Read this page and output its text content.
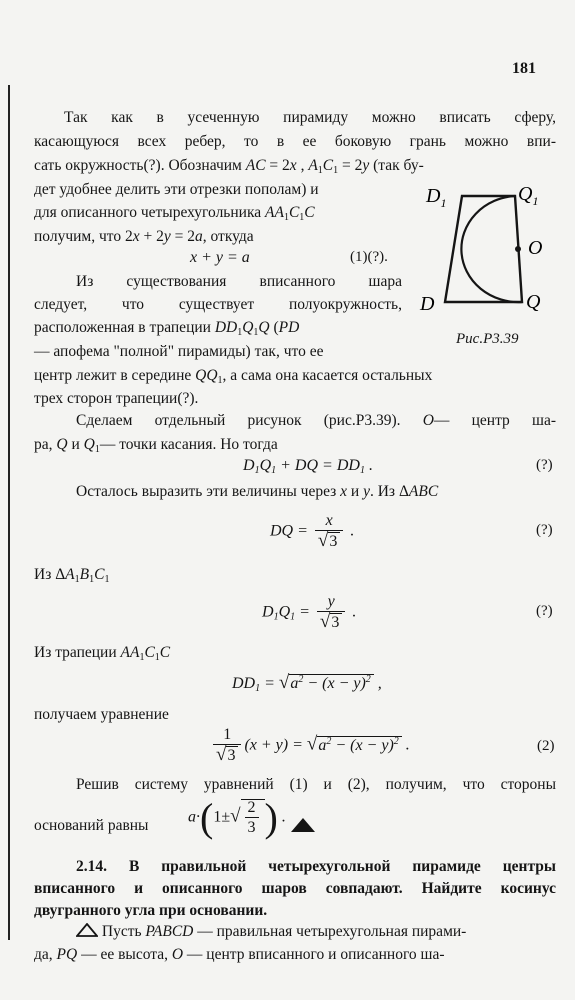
181
Так как в усеченную пирамиду можно вписать сферу,
касающуюся всех ребер, то в ее боковую грань можно впи-
сать окружность(?). Обозначим AC = 2x , $A_1C_1 = 2y$ (так бу-
дет удобнее делить эти отрезки пополам) и
для описанного четырехугольника $AA_1C_1C$
получим, что 2x + 2y = 2a, откуда
x + y = a	(1)(?).
Из существования вписанного шара
следует, что существует полуокружность,
расположенная в трапеции $DD_1Q_1Q$ (PD
— апофема "полной" пирамиды) так, что ее
центр лежит в середине $QQ_1$, а сама она касается остальных
трех сторон трапеции(?).
$D_1$	$Q_1$
O
D	Q
Рис.Р3.39
Сделаем отдельный рисунок (рис.Р3.39). O— центр ша-
ра, Q и $Q_1—$ точки касания. Но тогда
$D_1Q_1$ + DQ = $DD_1$ .	(?)
Осталось выразить эти величины через x и y. Из ΔABC
DQ = $\frac{x}{√3}$ .	(?)
Из $\Delta A_1B_1C_1$
$D_1Q_1 = \frac{y}{√3}$ .	(?)
Из трапеции $AA_1C_1C$
$DD_1 = √a^2 - (x - y)^2$ ,
получаем уравнение
$\frac{1}{√3} (x + y) = √a^2 - (x - y)^2$ .	(2)
Решив систему уравнений (1) и (2), получим, что стороны
оснований равны $a\cdot(1\pm√ \frac{2}{3}$ ) .
2.14. В правильной четырехугольной пирамиде центры
вписанного и описанного шаров совпадают. Найдите косинус
двугранного угла при основании.
Пусть PABCD — правильная четырехугольная пирами-
да, PQ — ее высота, O — центр вписанного и описанного ша-
